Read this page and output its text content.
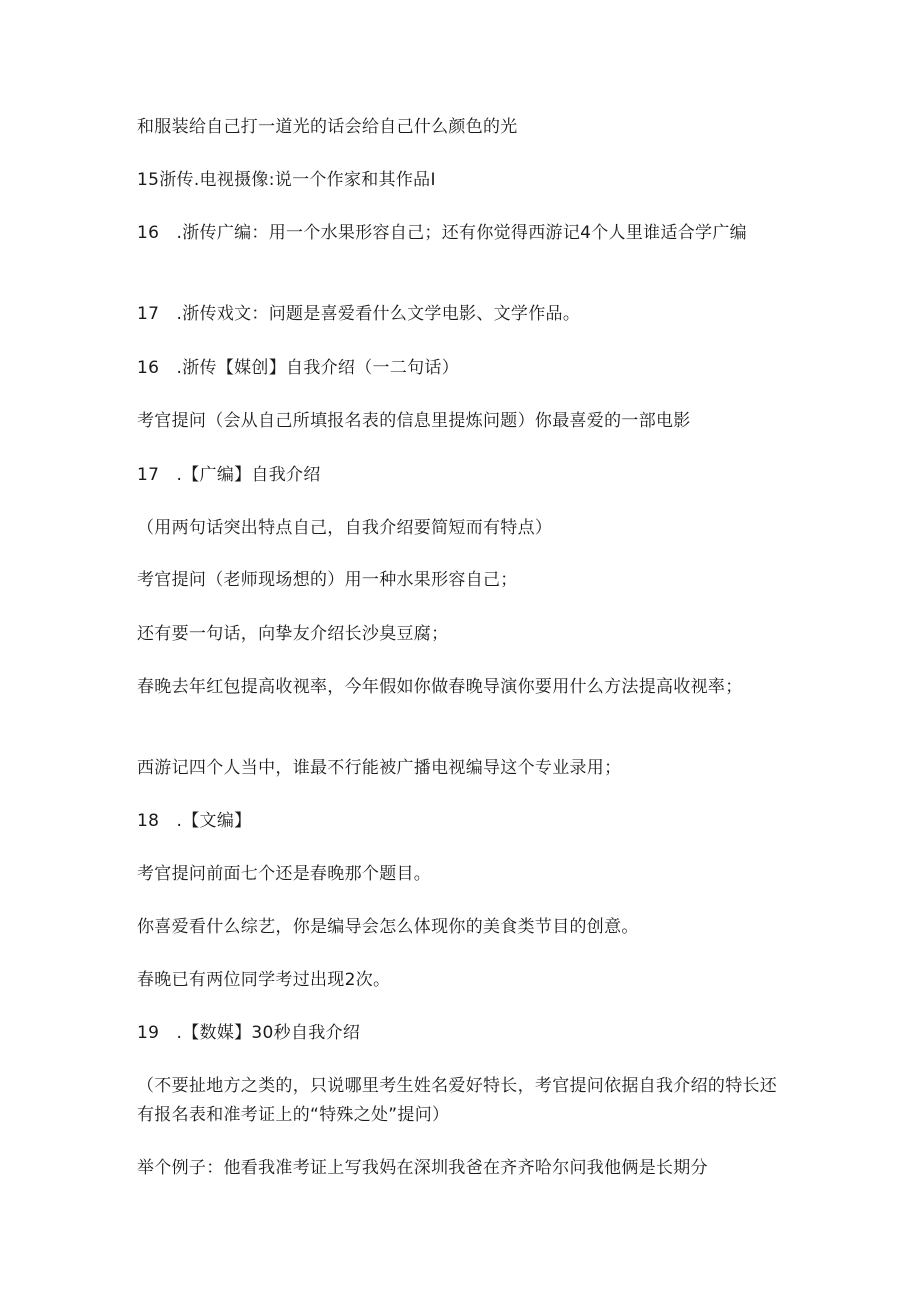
和服装给自己打一道光的话会给自己什么颜色的光

15浙传.电视摄像:说一个作家和其作品I

16　.浙传广编：用一个水果形容自己；还有你觉得西游记4个人里谁适合学广编

17　.浙传戏文：问题是喜爱看什么文学电影、文学作品。

16　.浙传【媒创】自我介绍（一二句话）

考官提问（会从自己所填报名表的信息里提炼问题）你最喜爱的一部电影

17　.【广编】自我介绍

（用两句话突出特点自己，自我介绍要简短而有特点）

考官提问（老师现场想的）用一种水果形容自己；

还有要一句话，向挚友介绍长沙臭豆腐；

春晚去年红包提高收视率，今年假如你做春晚导演你要用什么方法提高收视率；

西游记四个人当中，谁最不行能被广播电视编导这个专业录用；

18　.【文编】

考官提问前面七个还是春晚那个题目。

你喜爱看什么综艺，你是编导会怎么体现你的美食类节目的创意。

春晚已有两位同学考过出现2次。

19　.【数媒】30秒自我介绍

（不要扯地方之类的，只说哪里考生姓名爱好特长，考官提问依据自我介绍的特长还有报名表和准考证上的“特殊之处”提问）

举个例子：他看我准考证上写我妈在深圳我爸在齐齐哈尔问我他俩是长期分
